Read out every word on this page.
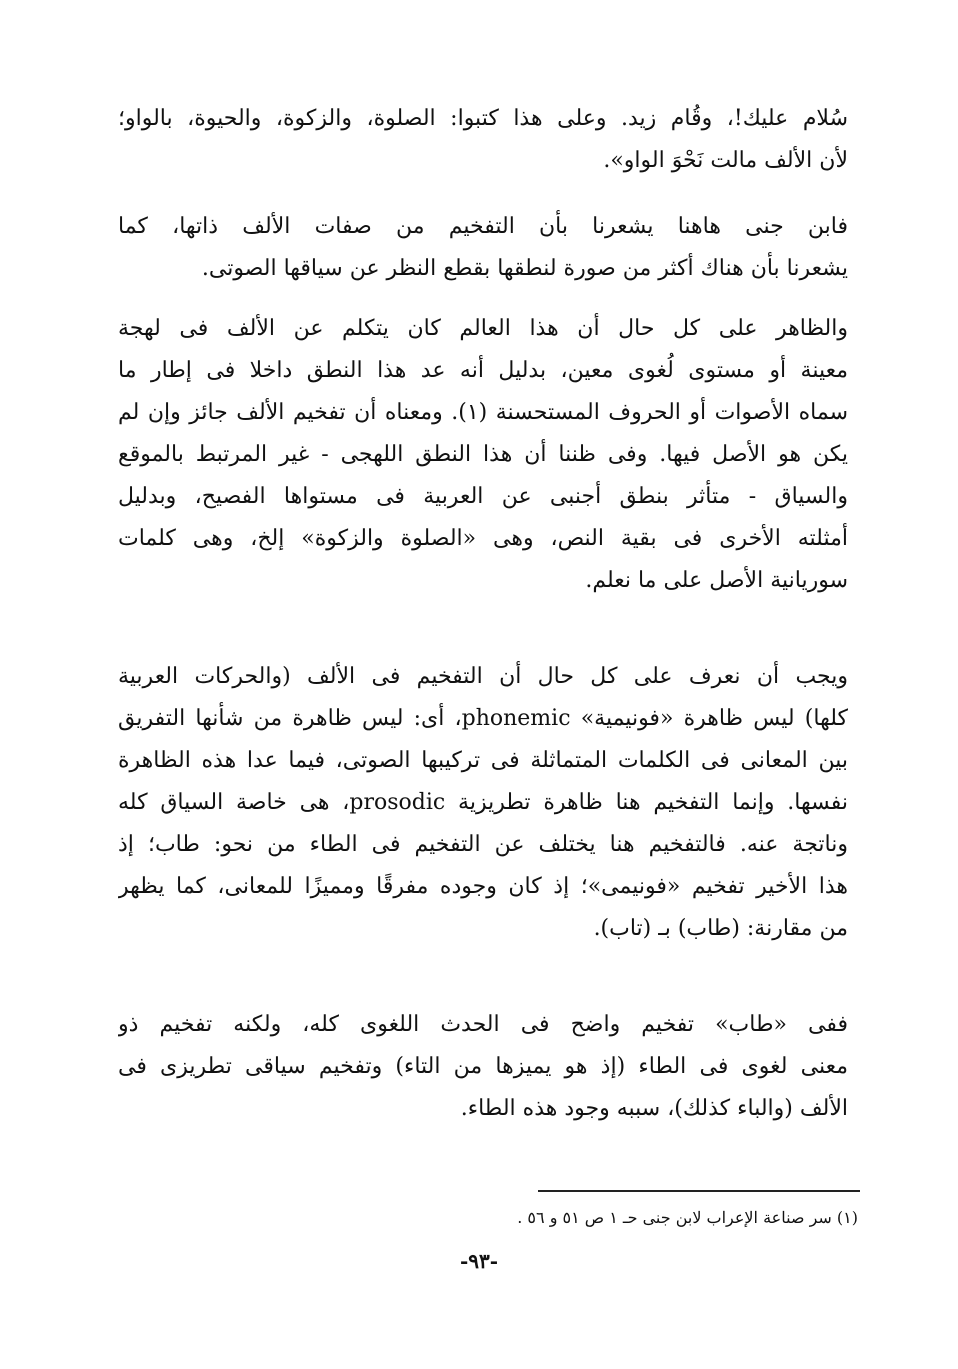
سُلام عليك!، وقُام زيد. وعلى هذا كتبوا: الصلوة، والزكوة، والحيوة، بالواو؛
لأن الألف مالت نَحْوَ الواو».
فابن جنى هاهنا يشعرنا بأن التفخيم من صفات الألف ذاتها، كما
يشعرنا بأن هناك أكثر من صورة لنطقها بقطع النظر عن سياقها الصوتى.
والظاهر على كل حال أن هذا العالم كان يتكلم عن الألف فى لهجة
معينة أو مستوى لُغوى معين، بدليل أنه عد هذا النطق داخلا فى إطار ما
سماه الأصوات أو الحروف المستحسنة (١). ومعناه أن تفخيم الألف جائز وإن لم
يكن هو الأصل فيها. وفى ظننا أن هذا النطق اللهجى - غير المرتبط بالموقع
والسياق - متأثر بنطق أجنبى عن العربية فى مستواها الفصيح، وبدليل
أمثلته الأخرى فى بقية النص، وهى «الصلوة والزكوة» إلخ، وهى كلمات
سوريانية الأصل على ما نعلم.
ويجب أن نعرف على كل حال أن التفخيم فى الألف (والحركات العربية
كلها) ليس ظاهرة «فونيمية» phonemic، أى: ليس ظاهرة من شأنها التفريق
بين المعانى فى الكلمات المتماثلة فى تركيبها الصوتى، فيما عدا هذه الظاهرة
نفسها. وإنما التفخيم هنا ظاهرة تطريزية prosodic، هى خاصة السياق كله
وناتجة عنه. فالتفخيم هنا يختلف عن التفخيم فى الطاء من نحو: طاب؛ إذ
هذا الأخير تفخيم «فونيمى»؛ إذ كان وجوده مفرقًا ومميزًا للمعانى، كما يظهر
من مقارنة: (طاب) بـ (تاب).
ففى «طاب» تفخيم واضح فى الحدث اللغوى كله، ولكنه تفخيم ذو
معنى لغوى فى الطاء (إذ هو يميزها من التاء) وتفخيم سياقى تطريزى فى
الألف (والباء كذلك)، سببه وجود هذه الطاء.
(١) سر صناعة الإعراب لابن جنى حـ ١ ص ٥١ و ٥٦ .
-٩٣-
